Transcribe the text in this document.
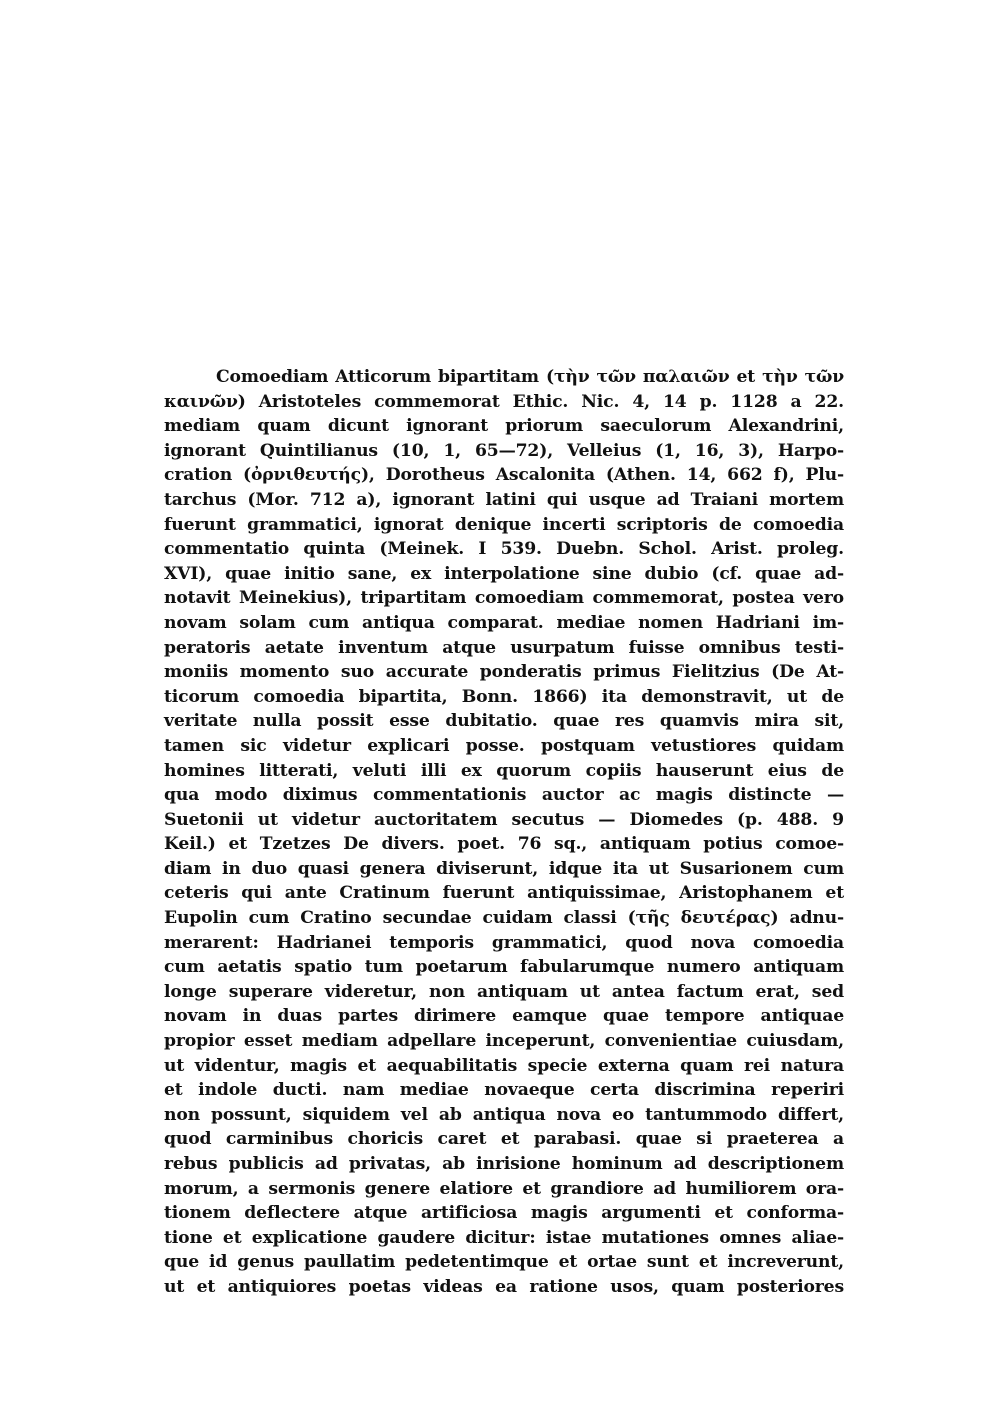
Comoediam Atticorum bipartitam (τὴν τῶν παλαιῶν et τὴν τῶν
καινῶν) Aristoteles commemorat Ethic. Nic. 4, 14 p. 1128 a 22.
mediam quam dicunt ignorant priorum saeculorum Alexandrini,
ignorant Quintilianus (10, 1, 65—72), Velleius (1, 16, 3), Harpo-
cration (ὀρνιθευτής), Dorotheus Ascalonita (Athen. 14, 662 f), Plu-
tarchus (Mor. 712 a), ignorant latini qui usque ad Traiani mortem
fuerunt grammatici, ignorat denique incerti scriptoris de comoedia
commentatio quinta (Meinek. I 539. Duebn. Schol. Arist. proleg.
XVI), quae initio sane, ex interpolatione sine dubio (cf. quae ad-
notavit Meinekius), tripartitam comoediam commemorat, postea vero
novam solam cum antiqua comparat. mediae nomen Hadriani im-
peratoris aetate inventum atque usurpatum fuisse omnibus testi-
moniis momento suo accurate ponderatis primus Fielitzius (De At-
ticorum comoedia bipartita, Bonn. 1866) ita demonstravit, ut de
veritate nulla possit esse dubitatio. quae res quamvis mira sit,
tamen sic videtur explicari posse. postquam vetustiores quidam
homines litterati, veluti illi ex quorum copiis hauserunt eius de
qua modo diximus commentationis auctor ac magis distincte —
Suetonii ut videtur auctoritatem secutus — Diomedes (p. 488. 9
Keil.) et Tzetzes De divers. poet. 76 sq., antiquam potius comoe-
diam in duo quasi genera diviserunt, idque ita ut Susarionem cum
ceteris qui ante Cratinum fuerunt antiquissimae, Aristophanem et
Eupolin cum Cratino secundae cuidam classi (τῆς δευτέρας) adnu-
merarent: Hadrianei temporis grammatici, quod nova comoedia
cum aetatis spatio tum poetarum fabularumque numero antiquam
longe superare videretur, non antiquam ut antea factum erat, sed
novam in duas partes dirimere eamque quae tempore antiquae
propior esset mediam adpellare inceperunt, convenientiae cuiusdam,
ut videntur, magis et aequabilitatis specie externa quam rei natura
et indole ducti. nam mediae novaeque certa discrimina reperiri
non possunt, siquidem vel ab antiqua nova eo tantummodo differt,
quod carminibus choricis caret et parabasi. quae si praeterea a
rebus publicis ad privatas, ab inrisione hominum ad descriptionem
morum, a sermonis genere elatiore et grandiore ad humiliorem ora-
tionem deflectere atque artificiosa magis argumenti et conforma-
tione et explicatione gaudere dicitur: istae mutationes omnes aliae-
que id genus paullatim pedetentimque et ortae sunt et increverunt,
ut et antiquiores poetas videas ea ratione usos, quam posteriores
